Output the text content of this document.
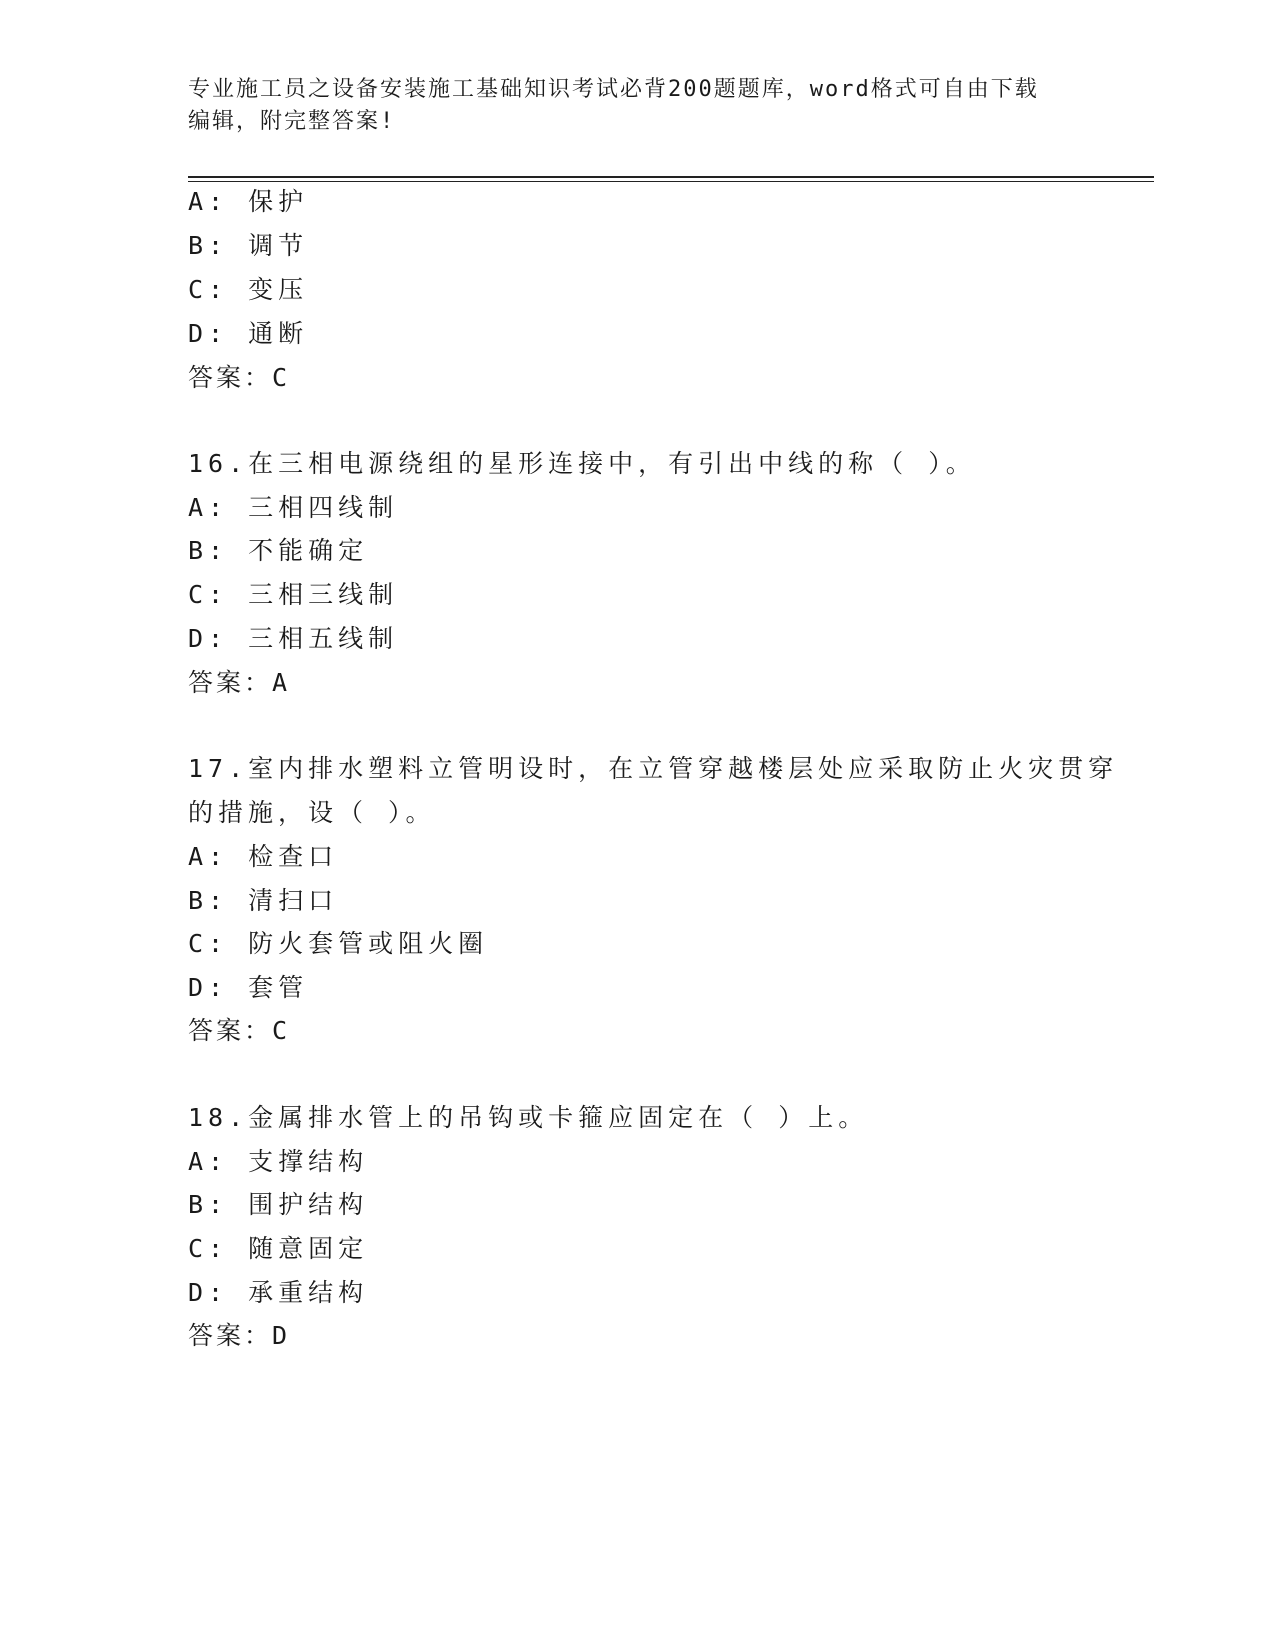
专业施工员之设备安装施工基础知识考试必背200题题库，word格式可自由下载
编辑，附完整答案!
A: 保护
B: 调节
C: 变压
D: 通断
答案：C
16.在三相电源绕组的星形连接中，有引出中线的称（ ）。
A: 三相四线制
B: 不能确定
C: 三相三线制
D: 三相五线制
答案：A
17.室内排水塑料立管明设时，在立管穿越楼层处应采取防止火灾贯穿
的措施，设（ ）。
A: 检查口
B: 清扫口
C: 防火套管或阻火圈
D: 套管
答案：C
18.金属排水管上的吊钩或卡箍应固定在（ ）上。
A: 支撑结构
B: 围护结构
C: 随意固定
D: 承重结构
答案：D
